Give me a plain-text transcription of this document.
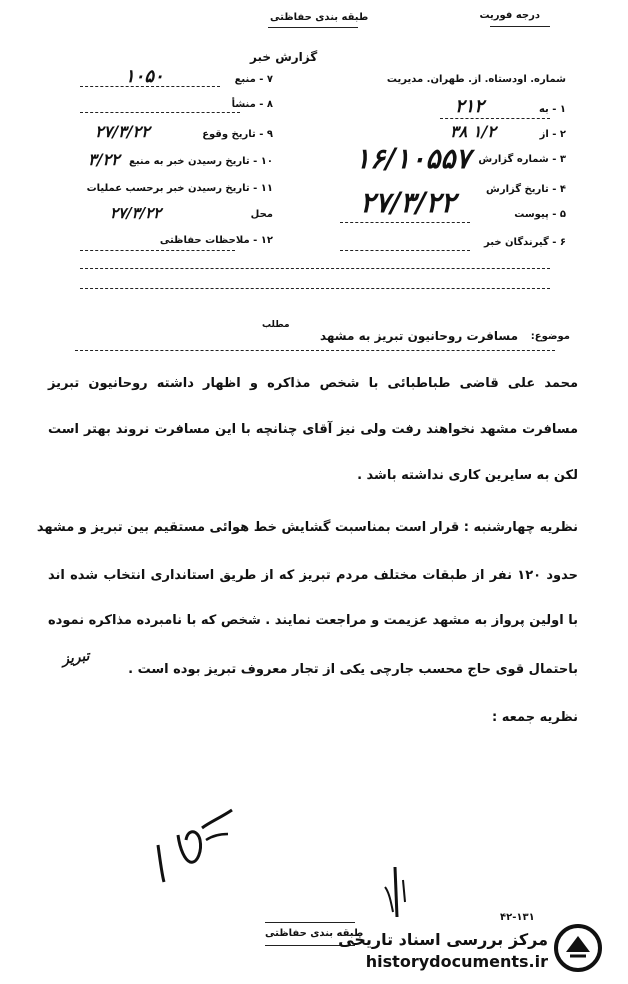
درجه فوریت
طبقه بندی حفاظتی
گزارش خبر
شماره. اودستاه. از. طهران. مدیریت
۱ - به
۲۱۲
۲ - از
۳۸ ۱/۲
۳ - شماره گزارش
۱۶/۱۰۵۵۷
۴ - تاریخ گزارش
۲۷/۳/۲۲	۵ - پیوست
۶ - گیرندگان خبر
۷ - منبع
۱۰۵۰
۸ - منشأ
۹ - تاریخ وقوع
۲۷/۳/۲۲
۱۰ - تاریخ رسیدن خبر به منبع
۳/۲۲
۱۱ - تاریخ رسیدن خبر برحسب عملیات
محل
۲۷/۳/۲۲
۱۲ - ملاحظات حفاظتی
موضوع:
مسافرت روحانیون تبریز به مشهد
مطلب
محمد علی قاضی طباطبائی با شخص مذاکره و اظهار داشته روحانیون تبریز
مسافرت مشهد نخواهند رفت ولی نیز آقای چنانچه با این مسافرت نروند بهتر است
لکن به سایرین کاری نداشته باشد .
نظریه چهارشنبه : قرار است بمناسبت گشایش خط هوائی مستقیم بین تبریز و مشهد
حدود ۱۲۰ نفر از طبقات مختلف مردم تبریز که از طریق استانداری انتخاب شده اند
با اولین پرواز به مشهد عزیمت و مراجعت نمایند . شخص که با نامبرده مذاکره نموده
باحتمال قوی حاج محسب جارچی یکی از تجار معروف تبریز بوده است .
تبریز
نظریه جمعه :
۴۲-۱۳۱
طبقه بندی حفاظتی
مرکز بررسی اسناد تاریخی
historydocuments.ir
